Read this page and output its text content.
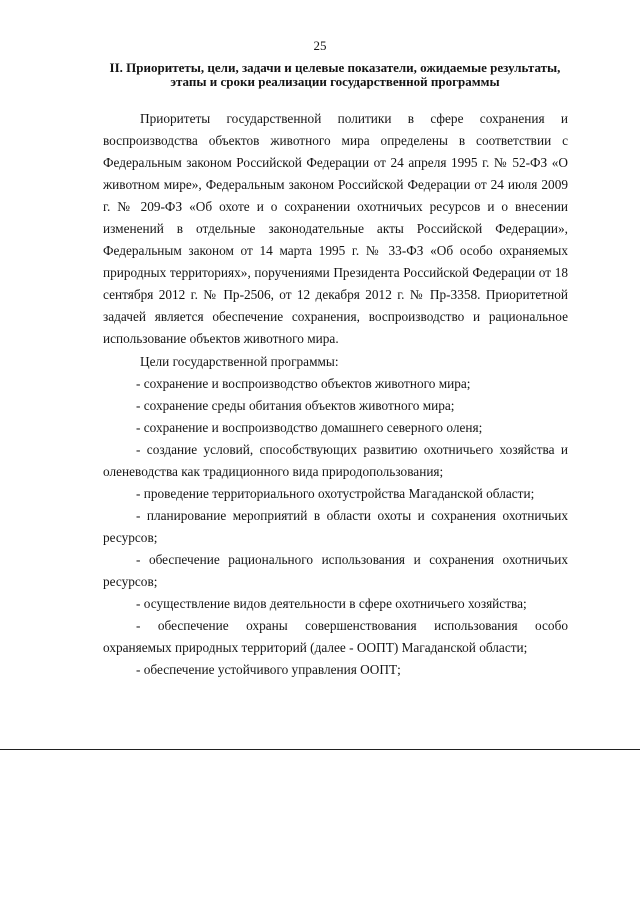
25
II. Приоритеты, цели, задачи и целевые показатели, ожидаемые результаты, этапы и сроки реализации государственной программы

Приоритеты государственной политики в сфере сохранения и воспроизводства объектов животного мира определены в соответствии с Федеральным законом Российской Федерации от 24 апреля 1995 г. № 52-ФЗ «О животном мире», Федеральным законом Российской Федерации от 24 июля 2009 г. № 209-ФЗ «Об охоте и о сохранении охотничьих ресурсов и о внесении изменений в отдельные законодательные акты Российской Федерации», Федеральным законом от 14 марта 1995 г. № 33-ФЗ «Об особо охраняемых природных территориях», поручениями Президента Российской Федерации от 18 сентября 2012 г. № Пр-2506, от 12 декабря 2012 г. № Пр-3358. Приоритетной задачей является обеспечение сохранения, воспроизводство и рациональное использование объектов животного мира.

Цели государственной программы:

- сохранение и воспроизводство объектов животного мира;

- сохранение среды обитания объектов животного мира;

- сохранение и воспроизводство домашнего северного оленя;

- создание условий, способствующих развитию охотничьего хозяйства и оленеводства как традиционного вида природопользования;

- проведение территориального охотустройства Магаданской области;

- планирование мероприятий в области охоты и сохранения охотничьих ресурсов;

- обеспечение рационального использования и сохранения охотничьих ресурсов;

- осуществление видов деятельности в сфере охотничьего хозяйства;

- обеспечение охраны совершенствования использования особо охраняемых природных территорий (далее - ООПТ) Магаданской области;

- обеспечение устойчивого управления ООПТ;
